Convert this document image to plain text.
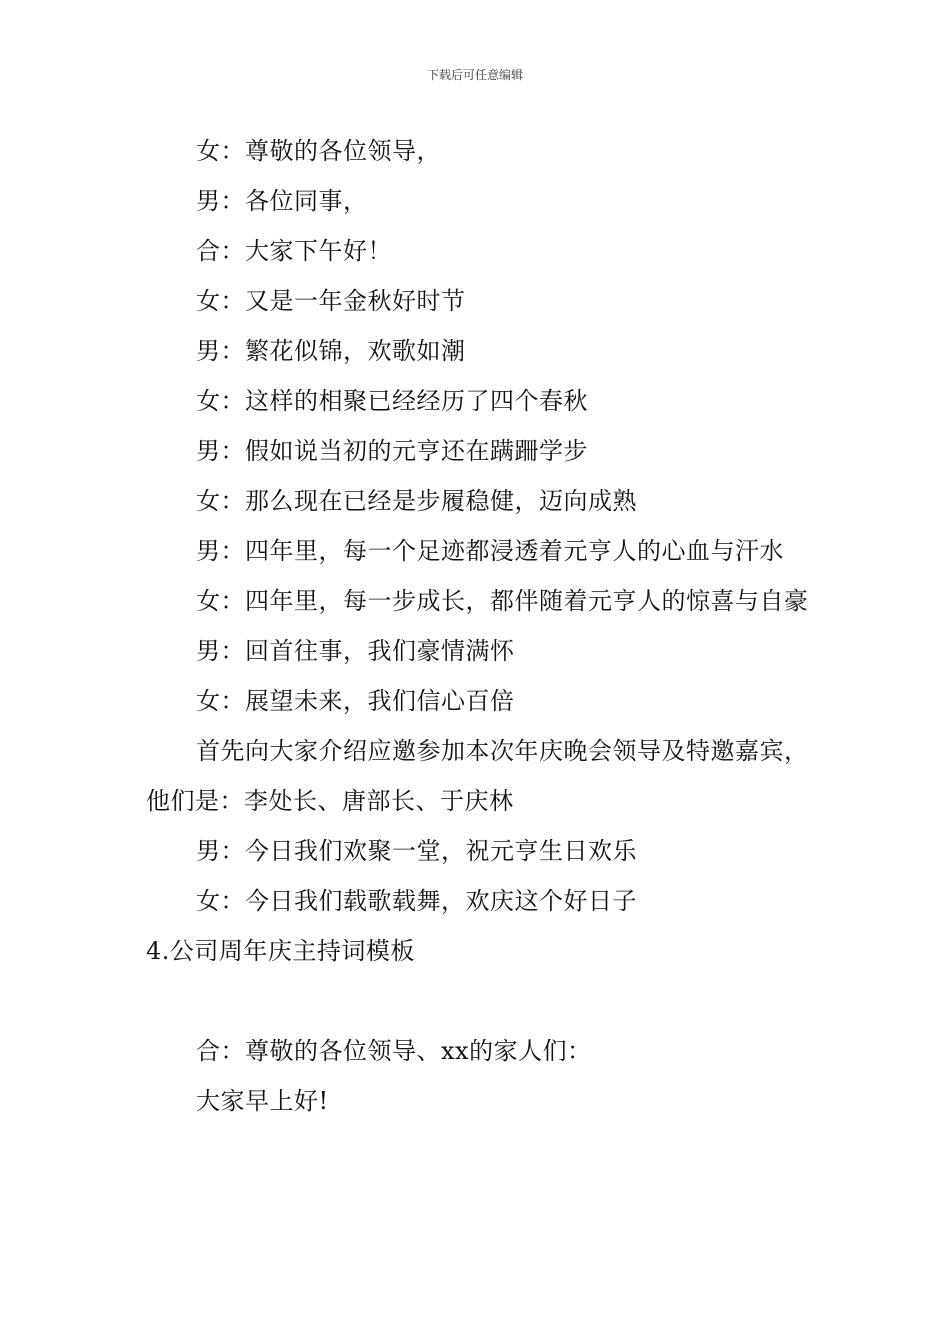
下载后可任意编辑

女：尊敬的各位领导，

男：各位同事，

合：大家下午好！

女：又是一年金秋好时节

男：繁花似锦，欢歌如潮

女：这样的相聚已经经历了四个春秋

男：假如说当初的元亨还在蹒跚学步

女：那么现在已经是步履稳健，迈向成熟

男：四年里，每一个足迹都浸透着元亨人的心血与汗水

女：四年里，每一步成长，都伴随着元亨人的惊喜与自豪

男：回首往事，我们豪情满怀

女：展望未来，我们信心百倍

首先向大家介绍应邀参加本次年庆晚会领导及特邀嘉宾，他们是：李处长、唐部长、于庆林

男：今日我们欢聚一堂，祝元亨生日欢乐

女：今日我们载歌载舞，欢庆这个好日子

4.公司周年庆主持词模板

合：尊敬的各位领导、xx的家人们：

大家早上好!
